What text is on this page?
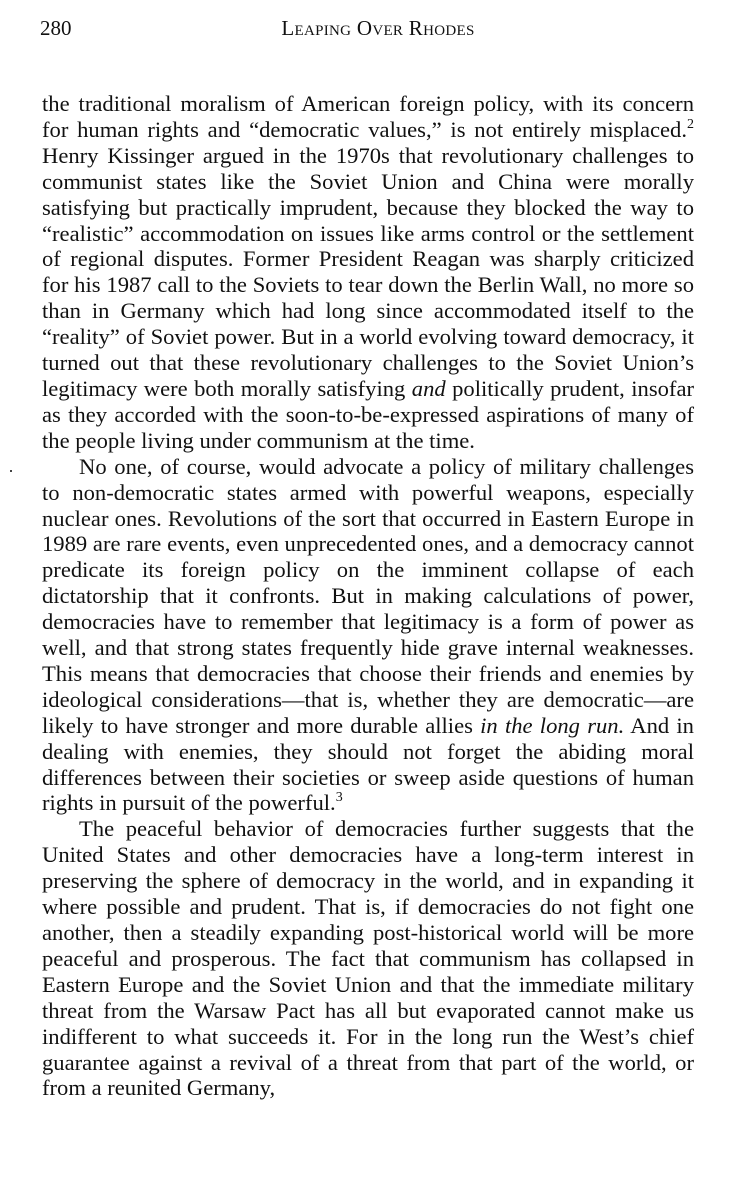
280	Leaping Over Rhodes

the traditional moralism of American foreign policy, with its concern for human rights and “democratic values,” is not entirely misplaced.$^2$ Henry Kissinger argued in the 1970s that revolutionary challenges to communist states like the Soviet Union and China were morally satisfying but practically imprudent, because they blocked the way to “realistic” accommodation on issues like arms control or the settlement of regional disputes. Former President Reagan was sharply criticized for his 1987 call to the Soviets to tear down the Berlin Wall, no more so than in Germany which had long since accommodated itself to the “reality” of Soviet power. But in a world evolving toward democracy, it turned out that these revolutionary challenges to the Soviet Union’s legitimacy were both morally satisfying and politically prudent, insofar as they accorded with the soon-to-be-expressed aspirations of many of the people living under communism at the time.

No one, of course, would advocate a policy of military challenges to non-democratic states armed with powerful weapons, especially nuclear ones. Revolutions of the sort that occurred in Eastern Europe in 1989 are rare events, even unprecedented ones, and a democracy cannot predicate its foreign policy on the imminent collapse of each dictatorship that it confronts. But in making calculations of power, democracies have to remember that legitimacy is a form of power as well, and that strong states frequently hide grave internal weaknesses. This means that democracies that choose their friends and enemies by ideological considerations—that is, whether they are democratic—are likely to have stronger and more durable allies in the long run. And in dealing with enemies, they should not forget the abiding moral differences between their societies or sweep aside questions of human rights in pursuit of the powerful.$^3$

The peaceful behavior of democracies further suggests that the United States and other democracies have a long-term interest in preserving the sphere of democracy in the world, and in expanding it where possible and prudent. That is, if democracies do not fight one another, then a steadily expanding post-historical world will be more peaceful and prosperous. The fact that communism has collapsed in Eastern Europe and the Soviet Union and that the immediate military threat from the Warsaw Pact has all but evaporated cannot make us indifferent to what succeeds it. For in the long run the West’s chief guarantee against a revival of a threat from that part of the world, or from a reunited Germany,
